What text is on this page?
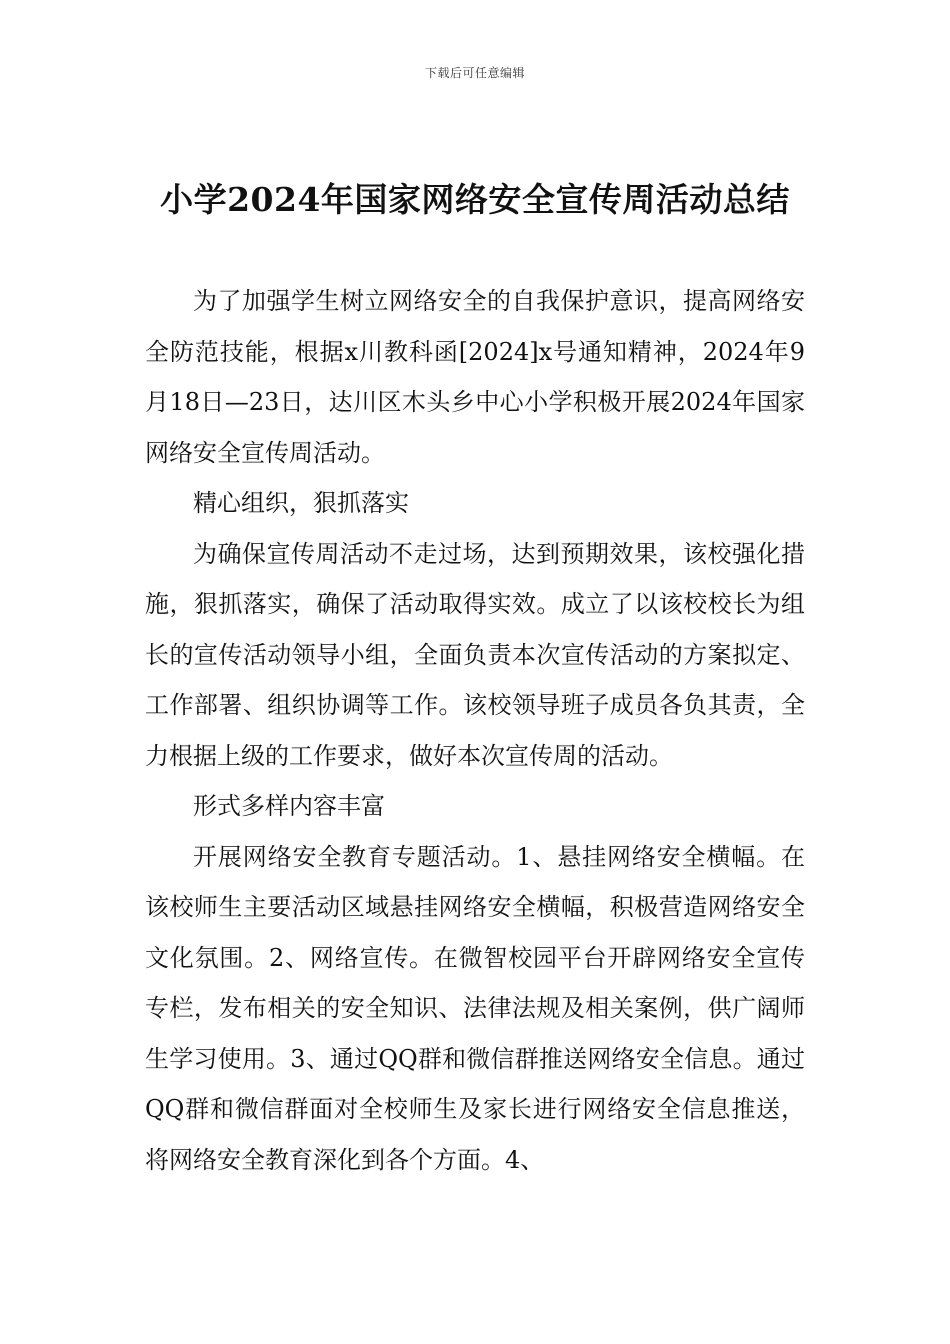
下载后可任意编辑
小学2024年国家网络安全宣传周活动总结

为了加强学生树立网络安全的自我保护意识，提高网络安全防范技能，根据x川教科函[2024]x号通知精神，2024年9月18日—23日，达川区木头乡中心小学积极开展2024年国家网络安全宣传周活动。

精心组织，狠抓落实

为确保宣传周活动不走过场，达到预期效果，该校强化措施，狠抓落实，确保了活动取得实效。成立了以该校校长为组长的宣传活动领导小组，全面负责本次宣传活动的方案拟定、工作部署、组织协调等工作。该校领导班子成员各负其责，全力根据上级的工作要求，做好本次宣传周的活动。

形式多样内容丰富

开展网络安全教育专题活动。1、悬挂网络安全横幅。在该校师生主要活动区域悬挂网络安全横幅，积极营造网络安全文化氛围。2、网络宣传。在微智校园平台开辟网络安全宣传专栏，发布相关的安全知识、法律法规及相关案例，供广阔师生学习使用。3、通过QQ群和微信群推送网络安全信息。通过QQ群和微信群面对全校师生及家长进行网络安全信息推送，将网络安全教育深化到各个方面。4、
